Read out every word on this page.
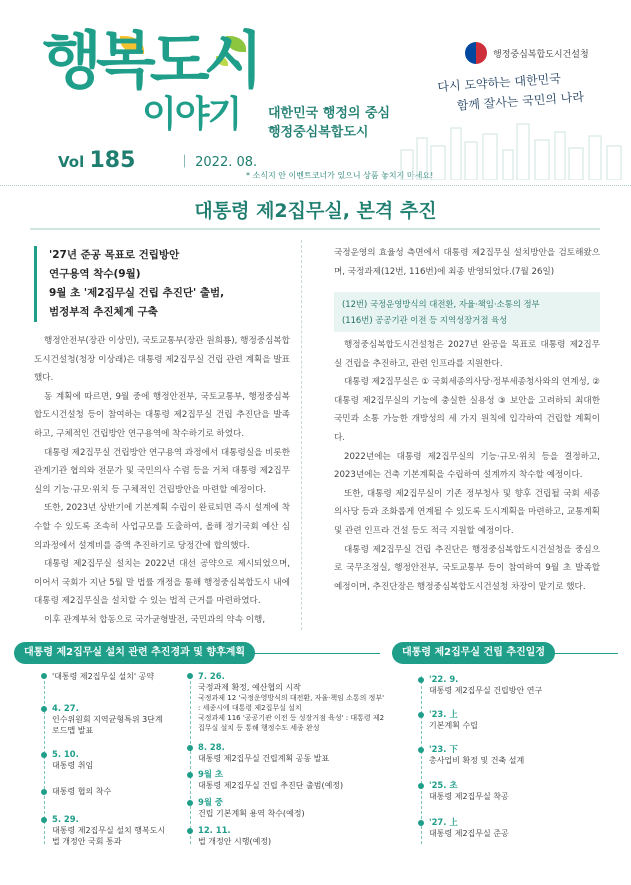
행복도시
이야기 대한민국 행정의 중심
행정중심복합도시
Vol 185	｜ 2022. 08.
* 소식지 안 이벤트코너가 있으니 상품 놓치지 마세요!
행정중심복합도시건설청
다시 도약하는 대한민국
함께 잘사는 국민의 나라
대통령 제2집무실, 본격 추진
'27년 준공 목표로 건립방안
연구용역 착수(9월)
9월 초 '제2집무실 건립 추진단' 출범,
범정부적 추진체계 구축

행정안전부(장관 이상민), 국토교통부(장관 원희룡), 행정중심복합도시건설청(청장 이상래)은 대통령 제2집무실 건립 관련 계획을 발표했다.

동 계획에 따르면, 9월 중에 행정안전부, 국토교통부, 행정중심복합도시건설청 등이 참여하는 대통령 제2집무실 건립 추진단을 발족하고, 구체적인 건립방안 연구용역에 착수하기로 하였다.

대통령 제2집무실 건립방안 연구용역 과정에서 대통령실을 비롯한 관계기관 협의와 전문가 및 국민의사 수렴 등을 거쳐 대통령 제2집무실의 기능·규모·위치 등 구체적인 건립방안을 마련할 예정이다.

또한, 2023년 상반기에 기본계획 수립이 완료되면 즉시 설계에 착수할 수 있도록 조속히 사업규모를 도출하여, 올해 정기국회 예산 심의과정에서 설계비를 증액 추진하기로 당정간에 합의했다.

대통령 제2집무실 설치는 2022년 대선 공약으로 제시되었으며, 이어서 국회가 지난 5월 말 법률 개정을 통해 행정중심복합도시 내에 대통령 제2집무실을 설치할 수 있는 법적 근거를 마련하였다.

이후 관계부처 합동으로 국가균형발전, 국민과의 약속 이행,

국정운영의 효율성 측면에서 대통령 제2집무실 설치방안을 검토해왔으며, 국정과제(12번, 116번)에 최종 반영되었다.(7월 26일)

(12번) 국정운영방식의 대전환, 자율·책임·소통의 정부
(116번) 공공기관 이전 등 지역성장거점 육성

행정중심복합도시건설청은 2027년 완공을 목표로 대통령 제2집무실 건립을 추진하고, 관련 인프라를 지원한다.

대통령 제2집무실은 ① 국회세종의사당·정부세종청사와의 연계성, ② 대통령 제2집무실의 기능에 충실한 실용성 ③ 보안을 고려하되 최대한 국민과 소통 가능한 개방성의 세 가지 원칙에 입각하여 건립할 계획이다.

2022년에는 대통령 제2집무실의 기능·규모·위치 등을 결정하고, 2023년에는 건축 기본계획을 수립하여 설계까지 착수할 예정이다.

또한, 대통령 제2집무실이 기존 정부청사 및 향후 건립될 국회 세종의사당 등과 조화롭게 연계될 수 있도록 도시계획을 마련하고, 교통계획 및 관련 인프라 건설 등도 적극 지원할 예정이다.

대통령 제2집무실 건립 추진단은 행정중심복합도시건설청을 중심으로 국무조정실, 행정안전부, 국토교통부 등이 참여하여 9월 초 발족할 예정이며, 추진단장은 행정중심복합도시건설청 차장이 맡기로 했다.

대통령 제2집무실 설치 관련 추진경과 및 향후계획	대통령 제2집무실 건립 추진일정
'대통령 제2집무실 설치' 공약
4. 27.
인수위원회 지역균형특위 3단계 로드맵 발표
5. 10.
대통령 취임
대통령 협의 착수
5. 29.
대통령 제2집무실 설치 행복도시법 개정안 국회 통과
7. 26.
국정과제 확정, 예산협의 시작
국정과제 12 '국정운영방식의 대전환, 자율·책임 소통의 정부' : 세종시에 대통령 제2집무실 설치
국정과제 116 '공공기관 이전 등 성장거점 육성' : 대통령 제2집무실 설치 등 통해 행정수도 세종 완성
8. 28.
대통령 제2집무실 건립계획 공동 발표
9월 초
대통령 제2집무실 건립 추진단 출범(예정)
9월 중
건립 기본계획 용역 착수(예정)
12. 11.
법 개정안 시행(예정)
'22. 9.
대통령 제2집무실 건립방안 연구
'23. 上
기본계획 수립
'23. 下
총사업비 확정 및 건축 설계
'25. 초
대통령 제2집무실 착공
'27. 上
대통령 제2집무실 준공
